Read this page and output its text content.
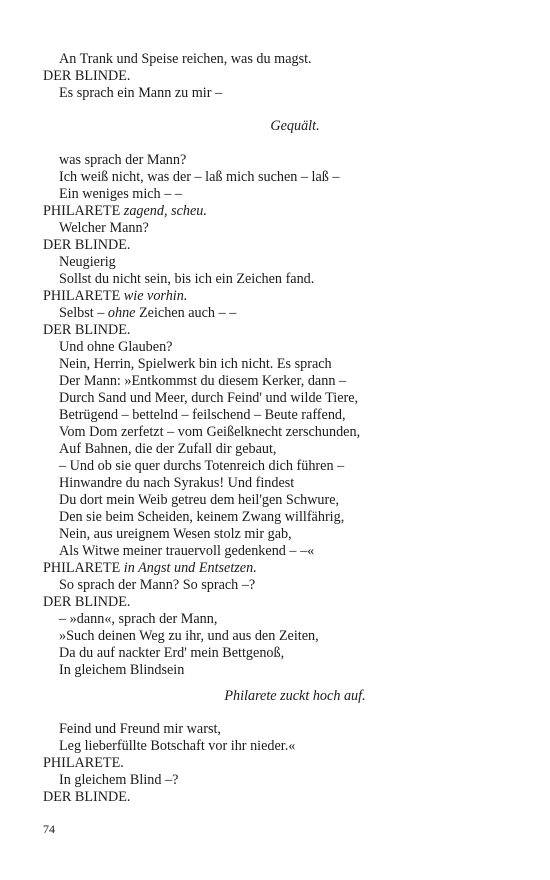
An Trank und Speise reichen, was du magst.
DER BLINDE.
Es sprach ein Mann zu mir –
Gequält.
was sprach der Mann?
Ich weiß nicht, was der – laß mich suchen – laß –
Ein weniges mich – –
PHILARETE zagend, scheu.
Welcher Mann?
DER BLINDE.
Neugierig
Sollst du nicht sein, bis ich ein Zeichen fand.
PHILARETE wie vorhin.
Selbst – ohne Zeichen auch – –
DER BLINDE.
Und ohne Glauben?
Nein, Herrin, Spielwerk bin ich nicht. Es sprach
Der Mann: »Entkommst du diesem Kerker, dann –
Durch Sand und Meer, durch Feind' und wilde Tiere,
Betrügend – bettelnd – feilschend – Beute raffend,
Vom Dom zerfetzt – vom Geißelknecht zerschunden,
Auf Bahnen, die der Zufall dir gebaut,
– Und ob sie quer durchs Totenreich dich führen –
Hinwandre du nach Syrakus! Und findest
Du dort mein Weib getreu dem heil'gen Schwure,
Den sie beim Scheiden, keinem Zwang willfährig,
Nein, aus ureignem Wesen stolz mir gab,
Als Witwe meiner trauervoll gedenkend – –«
PHILARETE in Angst und Entsetzen.
So sprach der Mann? So sprach –?
DER BLINDE.
– »dann«, sprach der Mann,
»Such deinen Weg zu ihr, und aus den Zeiten,
Da du auf nackter Erd' mein Bettgenoß,
In gleichem Blindsein
Philarete zuckt hoch auf.
Feind und Freund mir warst,
Leg lieberfüllte Botschaft vor ihr nieder.«
PHILARETE.
In gleichem Blind –?
DER BLINDE.
74
